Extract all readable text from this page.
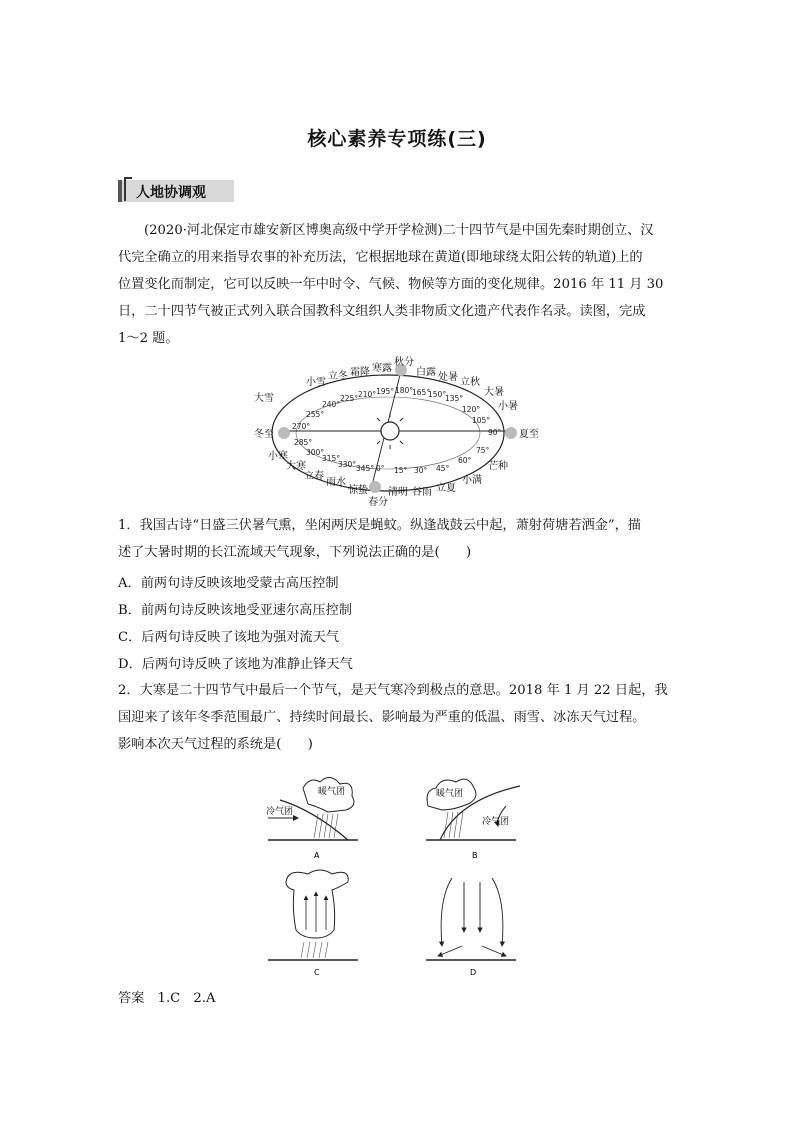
核心素养专项练(三)
人地协调观
(2020·河北保定市雄安新区博奥高级中学开学检测)二十四节气是中国先秦时期创立、汉
代完全确立的用来指导农事的补充历法，它根据地球在黄道(即地球绕太阳公转的轨道)上的
位置变化而制定，它可以反映一年中时令、气候、物候等方面的变化规律。2016 年 11 月 30
日，二十四节气被正式列入联合国教科文组织人类非物质文化遗产代表作名录。读图，完成
1～2 题。
秋分
夏至
春分
冬至
白露 处暑 立秋
大暑
小暑
芒种
小满
立夏
谷雨
清明
惊蛰
雨水
立春
大寒
小寒
大雪
小雪
立冬 霜降 寒露
180°
165°
150°
135°
120°
105°
90°
75°
60°
45°
30°
15°
0°
345°
330°
315°
300°
285°
270°
255°
240°
225° 210° 195°
1．我国古诗“日盛三伏暑气熏，坐闲两厌是蝇蚊。纵逢战鼓云中起，萧射荷塘若洒金”，描
述了大暑时期的长江流域天气现象，下列说法正确的是(　　)
A．前两句诗反映该地受蒙古高压控制
B．前两句诗反映该地受亚速尔高压控制
C．后两句诗反映了该地为强对流天气
D．后两句诗反映了该地为准静止锋天气
2．大寒是二十四节气中最后一个节气，是天气寒冷到极点的意思。2018 年 1 月 22 日起，我
国迎来了该年冬季范围最广、持续时间最长、影响最为严重的低温、雨雪、冰冻天气过程。
影响本次天气过程的系统是(　　)
暖气团
冷气团
A
暖气团
冷气团
B
C	D
答案　1.C　2.A
